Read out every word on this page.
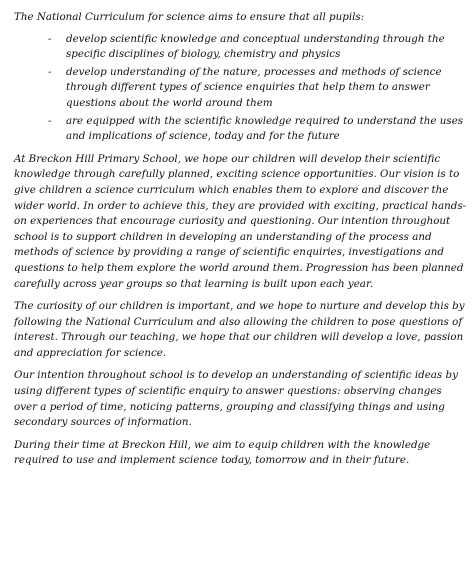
The National Curriculum for science aims to ensure that all pupils:

- develop scientific knowledge and conceptual understanding through the specific disciplines of biology, chemistry and physics
- develop understanding of the nature, processes and methods of science through different types of science enquiries that help them to answer questions about the world around them
- are equipped with the scientific knowledge required to understand the uses and implications of science, today and for the future

At Breckon Hill Primary School, we hope our children will develop their scientific knowledge through carefully planned, exciting science opportunities. Our vision is to give children a science curriculum which enables them to explore and discover the wider world. In order to achieve this, they are provided with exciting, practical hands-on experiences that encourage curiosity and questioning. Our intention throughout school is to support children in developing an understanding of the process and methods of science by providing a range of scientific enquiries, investigations and questions to help them explore the world around them. Progression has been planned carefully across year groups so that learning is built upon each year.

The curiosity of our children is important, and we hope to nurture and develop this by following the National Curriculum and also allowing the children to pose questions of interest. Through our teaching, we hope that our children will develop a love, passion and appreciation for science.

Our intention throughout school is to develop an understanding of scientific ideas by using different types of scientific enquiry to answer questions: observing changes over a period of time, noticing patterns, grouping and classifying things and using secondary sources of information.

During their time at Breckon Hill, we aim to equip children with the knowledge required to use and implement science today, tomorrow and in their future.
